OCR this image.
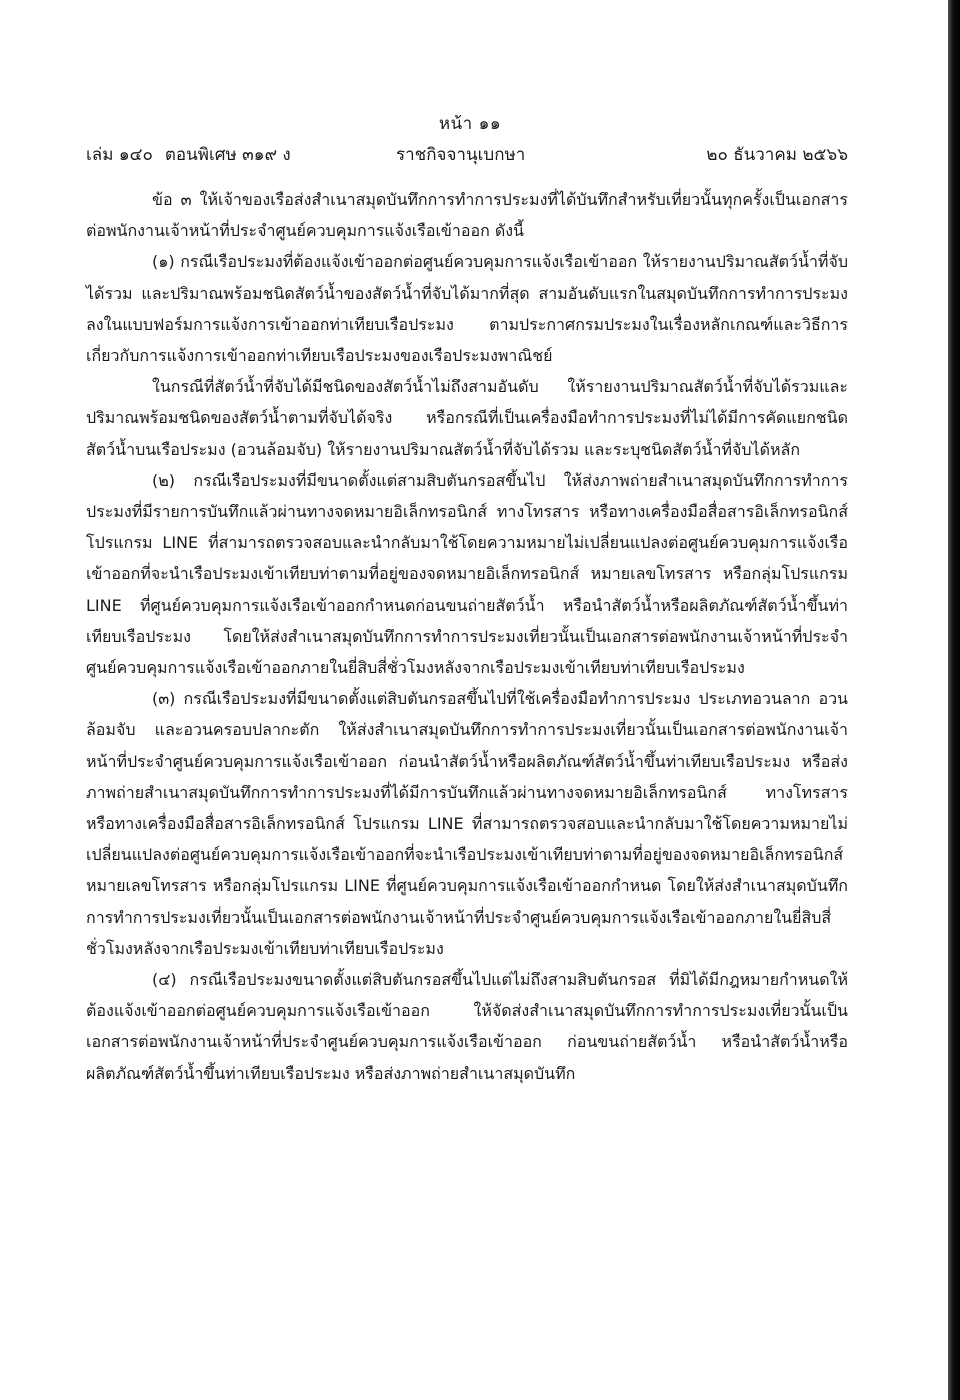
หน้า ๑๑
เล่ม ๑๔๐ ตอนพิเศษ ๓๑๙ ง	ราชกิจจานุเบกษา	๒๐ ธันวาคม ๒๕๖๖

ข้อ ๓ ให้เจ้าของเรือส่งสำเนาสมุดบันทึกการทำการประมงที่ได้บันทึกสำหรับเที่ยวนั้นทุกครั้งเป็นเอกสารต่อพนักงานเจ้าหน้าที่ประจำศูนย์ควบคุมการแจ้งเรือเข้าออก ดังนี้

(๑) กรณีเรือประมงที่ต้องแจ้งเข้าออกต่อศูนย์ควบคุมการแจ้งเรือเข้าออก ให้รายงานปริมาณสัตว์น้ำที่จับได้รวม และปริมาณพร้อมชนิดสัตว์น้ำของสัตว์น้ำที่จับได้มากที่สุด สามอันดับแรกในสมุดบันทึกการทำการประมงลงในแบบฟอร์มการแจ้งการเข้าออกท่าเทียบเรือประมง ตามประกาศกรมประมงในเรื่องหลักเกณฑ์และวิธีการเกี่ยวกับการแจ้งการเข้าออกท่าเทียบเรือประมงของเรือประมงพาณิชย์

ในกรณีที่สัตว์น้ำที่จับได้มีชนิดของสัตว์น้ำไม่ถึงสามอันดับ ให้รายงานปริมาณสัตว์น้ำที่จับได้รวมและปริมาณพร้อมชนิดของสัตว์น้ำตามที่จับได้จริง หรือกรณีที่เป็นเครื่องมือทำการประมงที่ไม่ได้มีการคัดแยกชนิดสัตว์น้ำบนเรือประมง (อวนล้อมจับ) ให้รายงานปริมาณสัตว์น้ำที่จับได้รวม และระบุชนิดสัตว์น้ำที่จับได้หลัก

(๒) กรณีเรือประมงที่มีขนาดตั้งแต่สามสิบตันกรอสขึ้นไป ให้ส่งภาพถ่ายสำเนาสมุดบันทึกการทำการประมงที่มีรายการบันทึกแล้วผ่านทางจดหมายอิเล็กทรอนิกส์ ทางโทรสาร หรือทางเครื่องมือสื่อสารอิเล็กทรอนิกส์ โปรแกรม LINE ที่สามารถตรวจสอบและนำกลับมาใช้โดยความหมายไม่เปลี่ยนแปลงต่อศูนย์ควบคุมการแจ้งเรือเข้าออกที่จะนำเรือประมงเข้าเทียบท่าตามที่อยู่ของจดหมายอิเล็กทรอนิกส์ หมายเลขโทรสาร หรือกลุ่มโปรแกรม LINE ที่ศูนย์ควบคุมการแจ้งเรือเข้าออกกำหนดก่อนขนถ่ายสัตว์น้ำ หรือนำสัตว์น้ำหรือผลิตภัณฑ์สัตว์น้ำขึ้นท่าเทียบเรือประมง โดยให้ส่งสำเนาสมุดบันทึกการทำการประมงเที่ยวนั้นเป็นเอกสารต่อพนักงานเจ้าหน้าที่ประจำศูนย์ควบคุมการแจ้งเรือเข้าออกภายในยี่สิบสี่ชั่วโมงหลังจากเรือประมงเข้าเทียบท่าเทียบเรือประมง

(๓) กรณีเรือประมงที่มีขนาดตั้งแต่สิบตันกรอสขึ้นไปที่ใช้เครื่องมือทำการประมง ประเภทอวนลาก อวนล้อมจับ และอวนครอบปลากะตัก ให้ส่งสำเนาสมุดบันทึกการทำการประมงเที่ยวนั้นเป็นเอกสารต่อพนักงานเจ้าหน้าที่ประจำศูนย์ควบคุมการแจ้งเรือเข้าออก ก่อนนำสัตว์น้ำหรือผลิตภัณฑ์สัตว์น้ำขึ้นท่าเทียบเรือประมง หรือส่งภาพถ่ายสำเนาสมุดบันทึกการทำการประมงที่ได้มีการบันทึกแล้วผ่านทางจดหมายอิเล็กทรอนิกส์ ทางโทรสาร หรือทางเครื่องมือสื่อสารอิเล็กทรอนิกส์ โปรแกรม LINE ที่สามารถตรวจสอบและนำกลับมาใช้โดยความหมายไม่เปลี่ยนแปลงต่อศูนย์ควบคุมการแจ้งเรือเข้าออกที่จะนำเรือประมงเข้าเทียบท่าตามที่อยู่ของจดหมายอิเล็กทรอนิกส์ หมายเลขโทรสาร หรือกลุ่มโปรแกรม LINE ที่ศูนย์ควบคุมการแจ้งเรือเข้าออกกำหนด โดยให้ส่งสำเนาสมุดบันทึกการทำการประมงเที่ยวนั้นเป็นเอกสารต่อพนักงานเจ้าหน้าที่ประจำศูนย์ควบคุมการแจ้งเรือเข้าออกภายในยี่สิบสี่ชั่วโมงหลังจากเรือประมงเข้าเทียบท่าเทียบเรือประมง

(๔) กรณีเรือประมงขนาดตั้งแต่สิบตันกรอสขึ้นไปแต่ไม่ถึงสามสิบตันกรอส ที่มิได้มีกฎหมายกำหนดให้ต้องแจ้งเข้าออกต่อศูนย์ควบคุมการแจ้งเรือเข้าออก ให้จัดส่งสำเนาสมุดบันทึกการทำการประมงเที่ยวนั้นเป็นเอกสารต่อพนักงานเจ้าหน้าที่ประจำศูนย์ควบคุมการแจ้งเรือเข้าออก ก่อนขนถ่ายสัตว์น้ำ หรือนำสัตว์น้ำหรือผลิตภัณฑ์สัตว์น้ำขึ้นท่าเทียบเรือประมง หรือส่งภาพถ่ายสำเนาสมุดบันทึก
